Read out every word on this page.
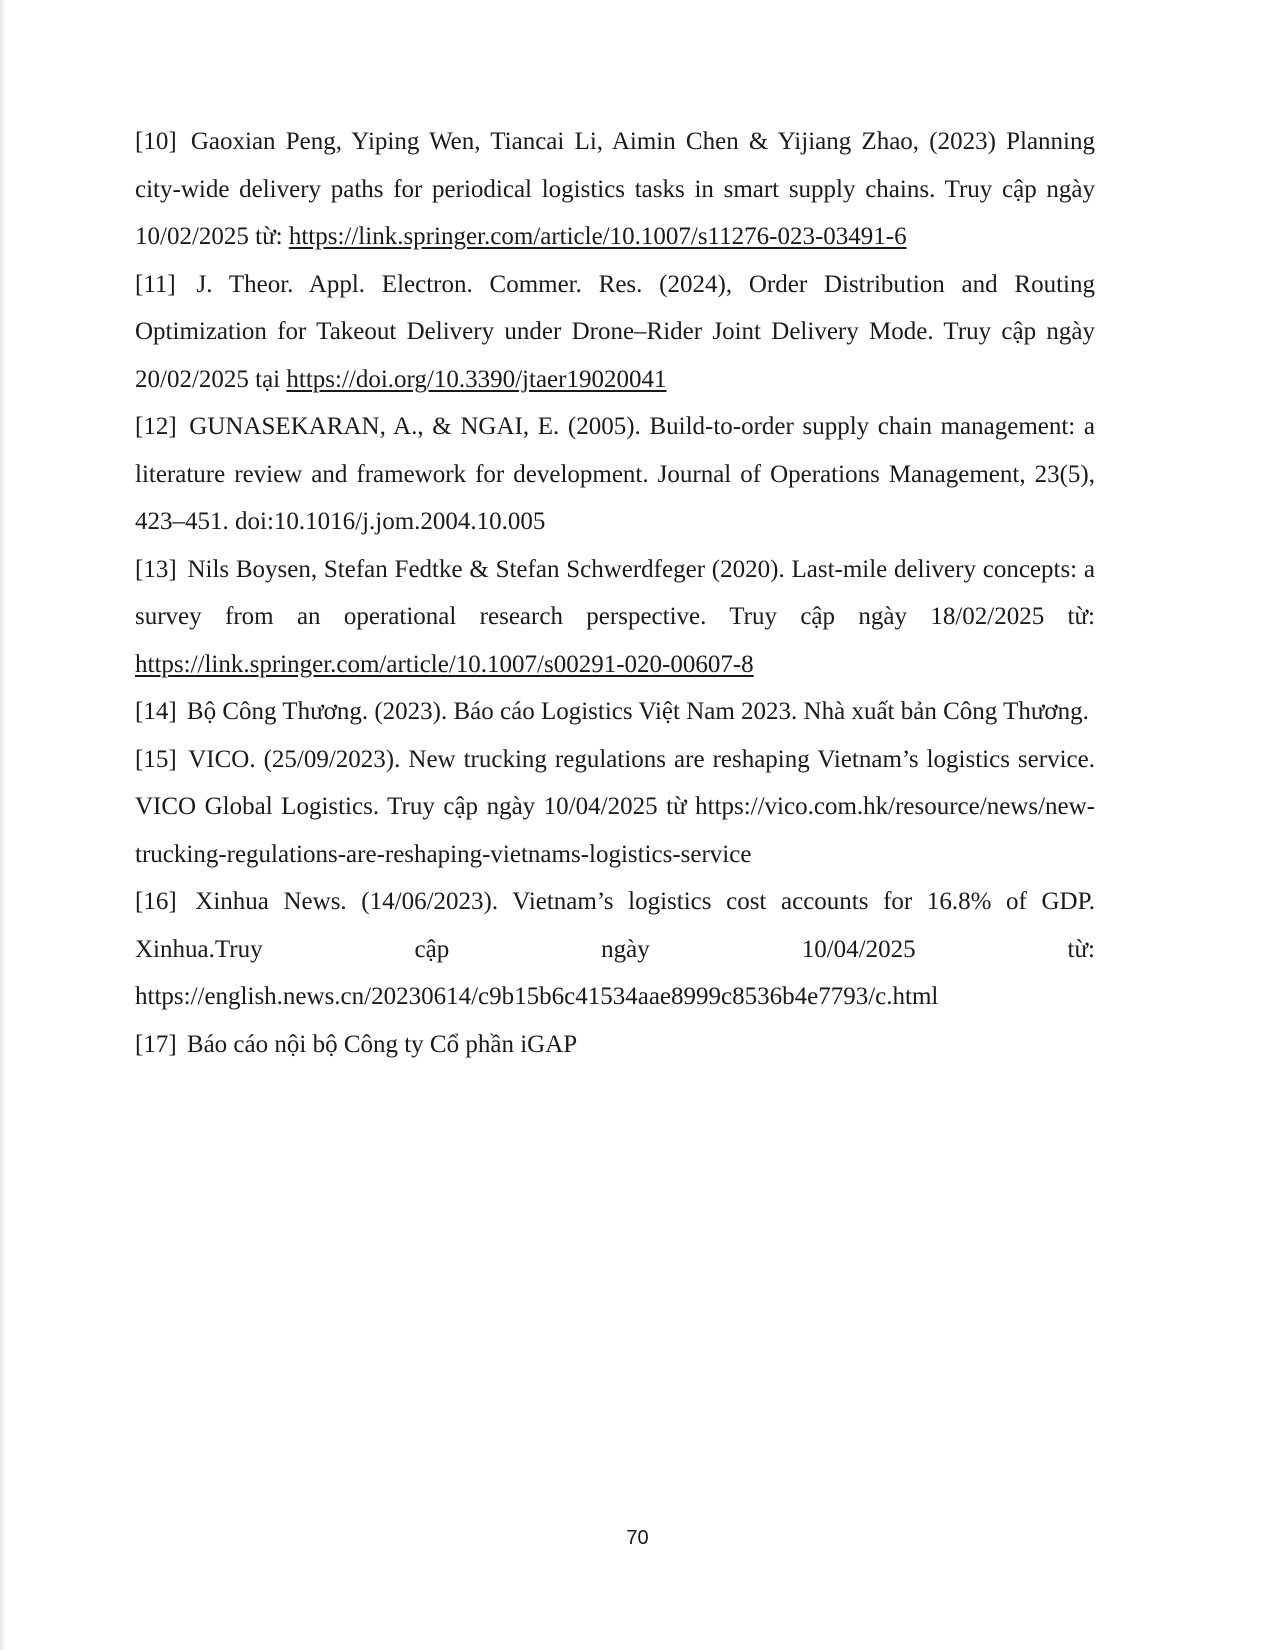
[10] Gaoxian Peng, Yiping Wen, Tiancai Li, Aimin Chen & Yijiang Zhao, (2023) Planning city-wide delivery paths for periodical logistics tasks in smart supply chains. Truy cập ngày 10/02/2025 từ: https://link.springer.com/article/10.1007/s11276-023-03491-6

[11] J. Theor. Appl. Electron. Commer. Res. (2024), Order Distribution and Routing Optimization for Takeout Delivery under Drone–Rider Joint Delivery Mode. Truy cập ngày 20/02/2025 tại https://doi.org/10.3390/jtaer19020041

[12] GUNASEKARAN, A., & NGAI, E. (2005). Build-to-order supply chain management: a literature review and framework for development. Journal of Operations Management, 23(5), 423–451. doi:10.1016/j.jom.2004.10.005

[13] Nils Boysen, Stefan Fedtke & Stefan Schwerdfeger (2020). Last-mile delivery concepts: a survey from an operational research perspective. Truy cập ngày 18/02/2025 từ: https://link.springer.com/article/10.1007/s00291-020-00607-8

[14] Bộ Công Thương. (2023). Báo cáo Logistics Việt Nam 2023. Nhà xuất bản Công Thương.

[15] VICO. (25/09/2023). New trucking regulations are reshaping Vietnam’s logistics service. VICO Global Logistics. Truy cập ngày 10/04/2025 từ https://vico.com.hk/resource/news/new-trucking-regulations-are-reshaping-vietnams-logistics-service

[16] Xinhua News. (14/06/2023). Vietnam’s logistics cost accounts for 16.8% of GDP. Xinhua.Truy cập ngày 10/04/2025 từ: https://english.news.cn/20230614/c9b15b6c41534aae8999c8536b4e7793/c.html

[17] Báo cáo nội bộ Công ty Cổ phần iGAP

70
